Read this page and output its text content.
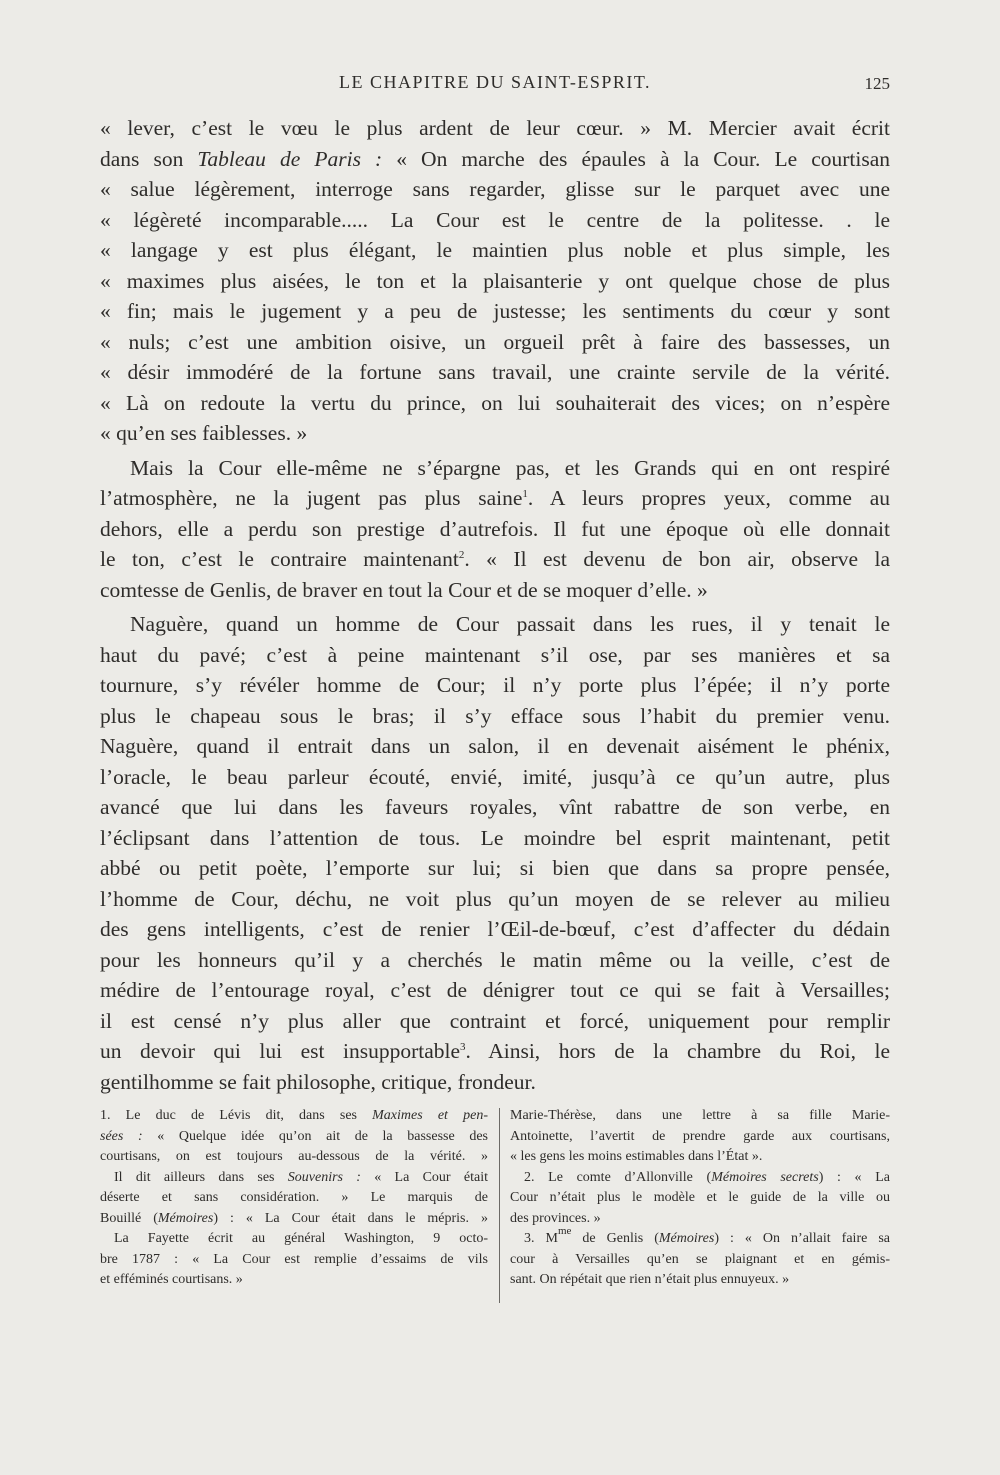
LE CHAPITRE DU SAINT-ESPRIT.	125
« lever, c’est le vœu le plus ardent de leur cœur. » M. Mercier avait écrit
dans son Tableau de Paris : « On marche des épaules à la Cour. Le courtisan
« salue légèrement, interroge sans regarder, glisse sur le parquet avec une
« légèreté incomparable..... La Cour est le centre de la politesse. . le
« langage y est plus élégant, le maintien plus noble et plus simple, les
« maximes plus aisées, le ton et la plaisanterie y ont quelque chose de plus
« fin; mais le jugement y a peu de justesse; les sentiments du cœur y sont
« nuls; c’est une ambition oisive, un orgueil prêt à faire des bassesses, un
« désir immodéré de la fortune sans travail, une crainte servile de la vérité.
« Là on redoute la vertu du prince, on lui souhaiterait des vices; on n’espère
« qu’en ses faiblesses. »
Mais la Cour elle-même ne s’épargne pas, et les Grands qui en ont respiré
l’atmosphère, ne la jugent pas plus saine$^1$. A leurs propres yeux, comme au
dehors, elle a perdu son prestige d’autrefois. Il fut une époque où elle donnait
le ton, c’est le contraire maintenant$^2$. « Il est devenu de bon air, observe la
comtesse de Genlis, de braver en tout la Cour et de se moquer d’elle. »
Naguère, quand un homme de Cour passait dans les rues, il y tenait le
haut du pavé; c’est à peine maintenant s’il ose, par ses manières et sa
tournure, s’y révéler homme de Cour; il n’y porte plus l’épée; il n’y porte
plus le chapeau sous le bras; il s’y efface sous l’habit du premier venu.
Naguère, quand il entrait dans un salon, il en devenait aisément le phénix,
l’oracle, le beau parleur écouté, envié, imité, jusqu’à ce qu’un autre, plus
avancé que lui dans les faveurs royales, vînt rabattre de son verbe, en
l’éclipsant dans l’attention de tous. Le moindre bel esprit maintenant, petit
abbé ou petit poète, l’emporte sur lui; si bien que dans sa propre pensée,
l’homme de Cour, déchu, ne voit plus qu’un moyen de se relever au milieu
des gens intelligents, c’est de renier l’Œil-de-bœuf, c’est d’affecter du dédain
pour les honneurs qu’il y a cherchés le matin même ou la veille, c’est de
médire de l’entourage royal, c’est de dénigrer tout ce qui se fait à Versailles;
il est censé n’y plus aller que contraint et forcé, uniquement pour remplir
un devoir qui lui est insupportable$^3$. Ainsi, hors de la chambre du Roi, le
gentilhomme se fait philosophe, critique, frondeur.
1. Le duc de Lévis dit, dans ses Maximes et pen-
sées : « Quelque idée qu’on ait de la bassesse des
courtisans, on est toujours au-dessous de la vérité. »
Il dit ailleurs dans ses Souvenirs : « La Cour était
déserte et sans considération. » Le marquis de
Bouillé (Mémoires) : « La Cour était dans le mépris. »
La Fayette écrit au général Washington, 9 octo-
bre 1787 : « La Cour est remplie d’essaims de vils
et efféminés courtisans. »
Marie-Thérèse, dans une lettre à sa fille Marie-
Antoinette, l’avertit de prendre garde aux courtisans,
« les gens les moins estimables dans l’État ».
2. Le comte d’Allonville (Mémoires secrets) : « La
Cour n’était plus le modèle et le guide de la ville ou
des provinces. »
3. $M^{me}$ de Genlis (Mémoires) : « On n’allait faire sa
cour à Versailles qu’en se plaignant et en gémis-
sant. On répétait que rien n’était plus ennuyeux. »
